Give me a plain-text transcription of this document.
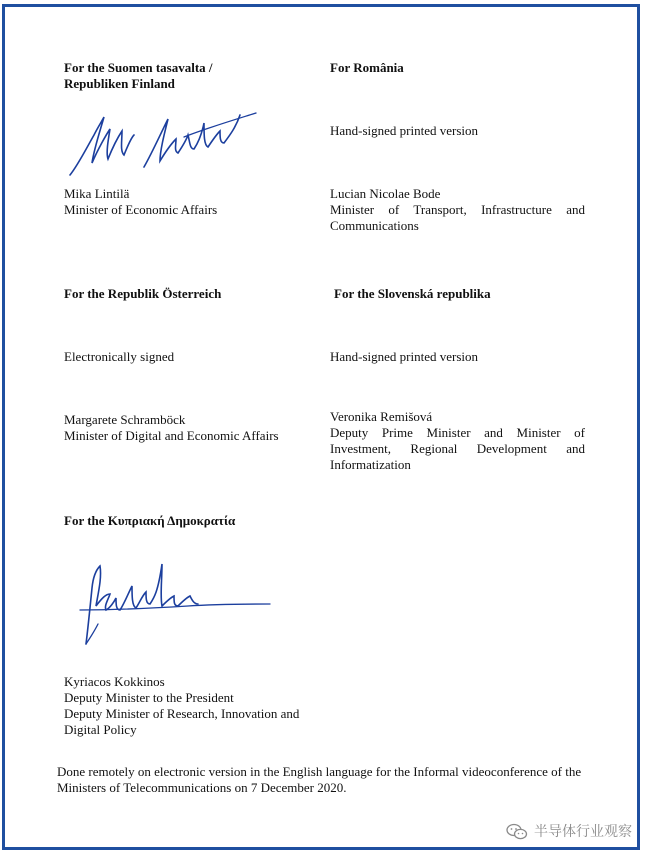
For the Suomen tasavalta /
Republiken Finland
Mika Lintilä
Minister of Economic Affairs
For România
Hand-signed printed version
Lucian Nicolae Bode
Minister of Transport, Infrastructure and Communications
For the Republik Österreich
Electronically signed
Margarete Schramböck
Minister of Digital and Economic Affairs
For the Slovenská republika
Hand-signed printed version
Veronika Remišová
Deputy Prime Minister and Minister of Investment, Regional Development and Informatization
For the Κυπριακή Δημοκρατία
Kyriacos Kokkinos
Deputy Minister to the President
Deputy Minister of Research, Innovation and Digital Policy
Done remotely on electronic version in the English language for the Informal videoconference of the Ministers of Telecommunications on 7 December 2020.
半导体行业观察
